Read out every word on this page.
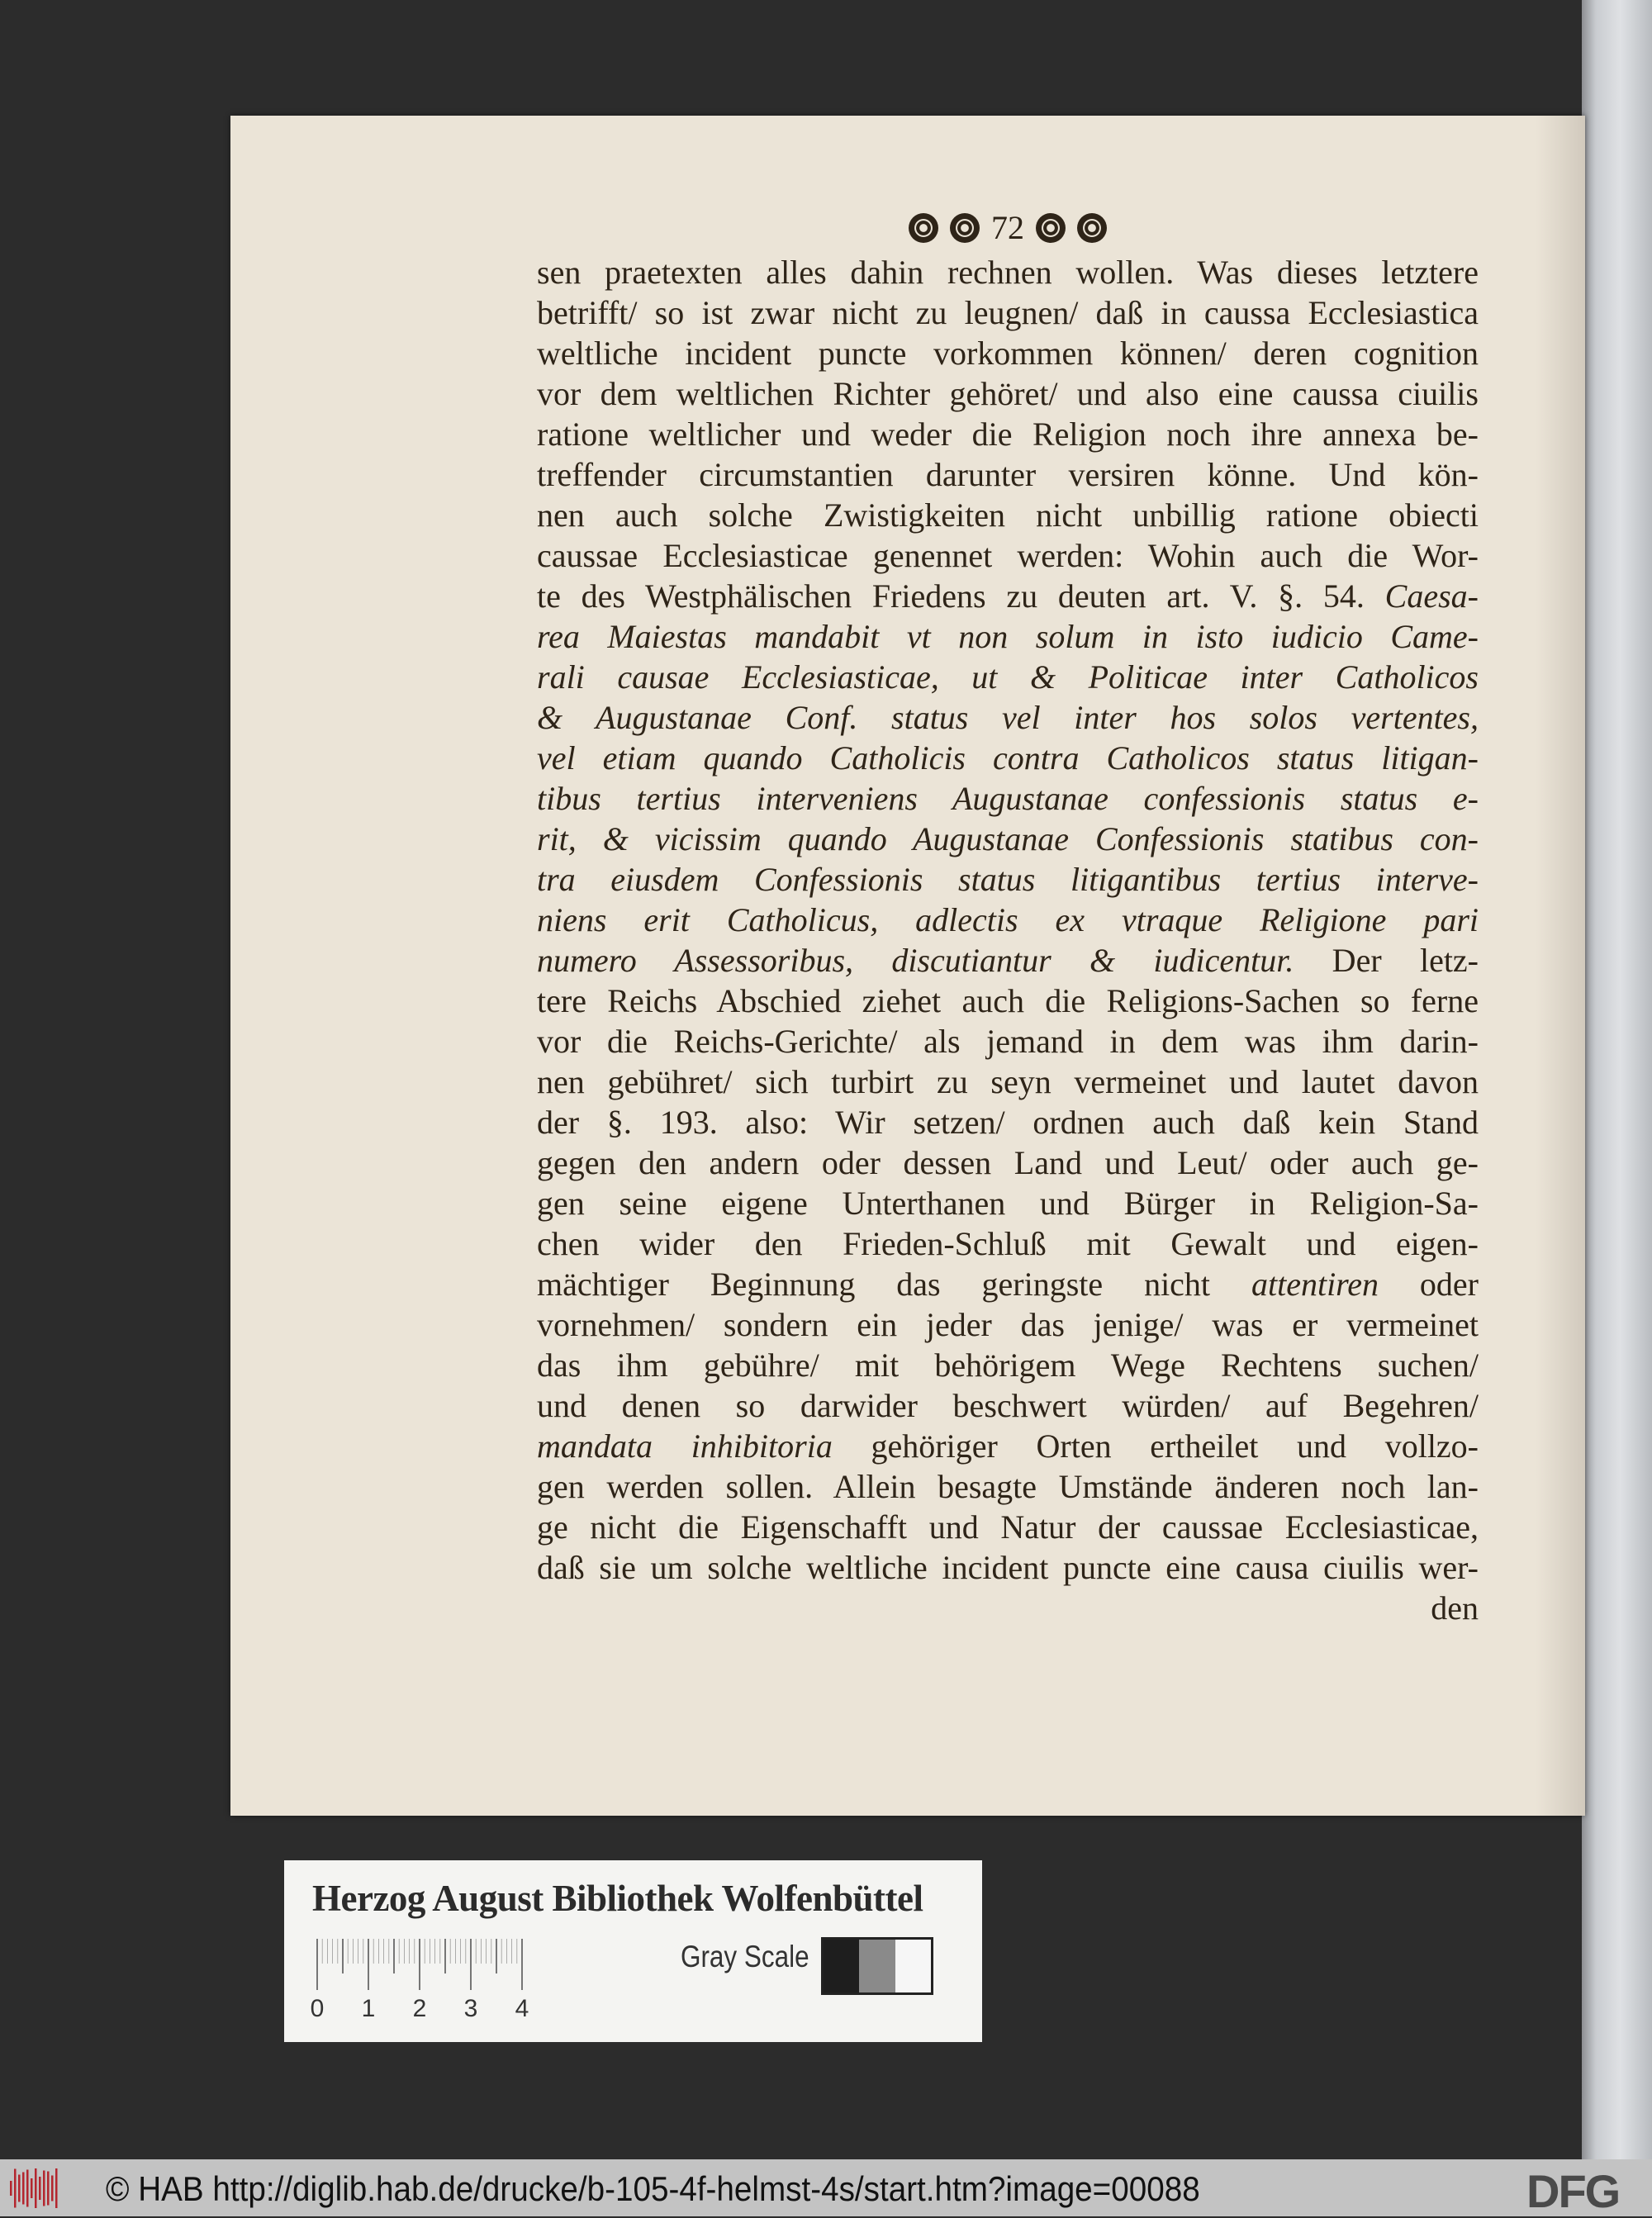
72
sen praetexten alles dahin rechnen wollen. Was dieses letztere
betrifft/ so ist zwar nicht zu leugnen/ daß in caussa Ecclesiastica
weltliche incident puncte vorkommen können/ deren cognition
vor dem weltlichen Richter gehöret/ und also eine caussa ciuilis
ratione weltlicher und weder die Religion noch ihre annexa be-
treffender circumstantien darunter versiren könne. Und kön-
nen auch solche Zwistigkeiten nicht unbillig ratione obiecti
caussae Ecclesiasticae genennet werden: Wohin auch die Wor-
te des Westphälischen Friedens zu deuten art. V. §. 54. Caesa-
rea Maiestas mandabit vt non solum in isto iudicio Came-
rali causae Ecclesiasticae, ut & Politicae inter Catholicos
& Augustanae Conf. status vel inter hos solos vertentes,
vel etiam quando Catholicis contra Catholicos status litigan-
tibus tertius interveniens Augustanae confessionis status e-
rit, & vicissim quando Augustanae Confessionis statibus con-
tra eiusdem Confessionis status litigantibus tertius interve-
niens erit Catholicus, adlectis ex vtraque Religione pari
numero Assessoribus, discutiantur & iudicentur. Der letz-
tere Reichs Abschied ziehet auch die Religions-Sachen so ferne
vor die Reichs-Gerichte/ als jemand in dem was ihm darin-
nen gebühret/ sich turbirt zu seyn vermeinet und lautet davon
der §. 193. also: Wir setzen/ ordnen auch daß kein Stand
gegen den andern oder dessen Land und Leut/ oder auch ge-
gen seine eigene Unterthanen und Bürger in Religion-Sa-
chen wider den Frieden-Schluß mit Gewalt und eigen-
mächtiger Beginnung das geringste nicht attentiren oder
vornehmen/ sondern ein jeder das jenige/ was er vermeinet
das ihm gebühre/ mit behörigem Wege Rechtens suchen/
und denen so darwider beschwert würden/ auf Begehren/
mandata inhibitoria gehöriger Orten ertheilet und vollzo-
gen werden sollen. Allein besagte Umstände änderen noch lan-
ge nicht die Eigenschafft und Natur der caussae Ecclesiasticae,
daß sie um solche weltliche incident puncte eine causa ciuilis wer-
den
Herzog August Bibliothek Wolfenbüttel
0 1 2 3 4
Gray Scale
© HAB http://diglib.hab.de/drucke/b-105-4f-helmst-4s/start.htm?image=00088	DFG
